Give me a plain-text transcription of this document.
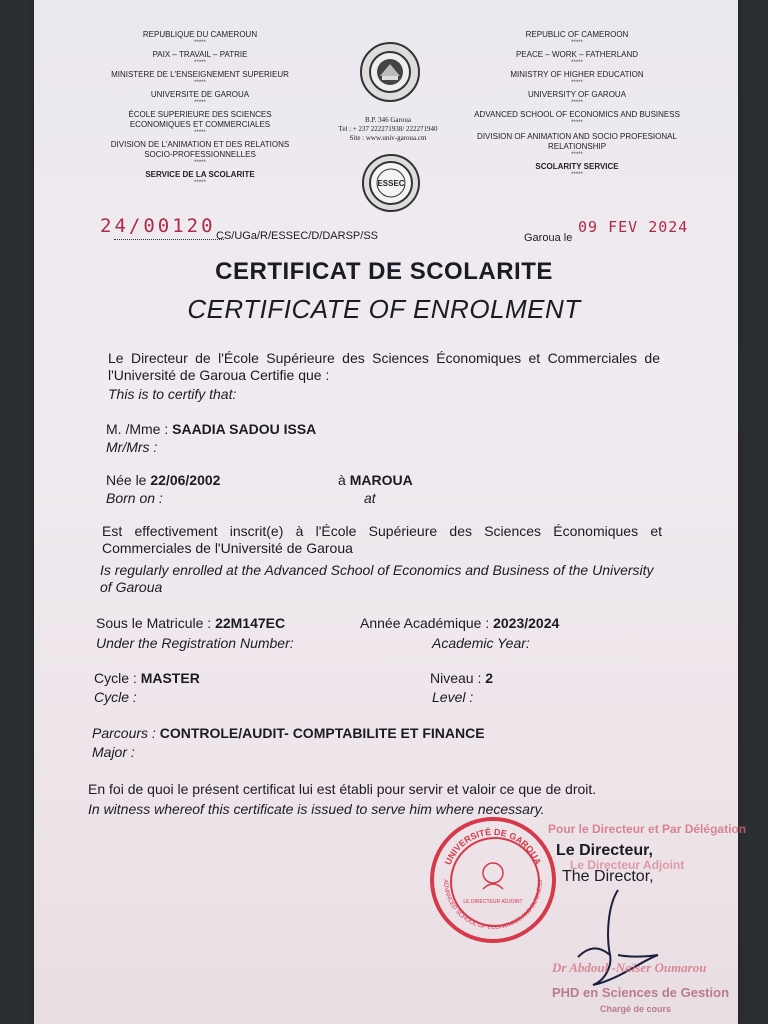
REPUBLIQUE DU CAMEROUN
*****
PAIX – TRAVAIL – PATRIE
*****
MINISTERE DE L'ENSEIGNEMENT SUPERIEUR
*****
UNIVERSITE DE GAROUA
*****
ÉCOLE SUPERIEURE DES SCIENCES ECONOMIQUES ET COMMERCIALES
*****
DIVISION DE L'ANIMATION ET DES RELATIONS SOCIO-PROFESSIONNELLES
*****
SERVICE DE LA SCOLARITE
*****
REPUBLIC OF CAMEROON
*****
PEACE – WORK – FATHERLAND
*****
MINISTRY OF HIGHER EDUCATION
*****
UNIVERSITY OF GAROUA
*****
ADVANCED SCHOOL OF ECONOMICS AND BUSINESS
*****
DIVISION OF ANIMATION AND SOCIO PROFESIONAL RELATIONSHIP
*****
SCOLARITY SERVICE
*****
B.P. 346 Garoua
Tel : + 237 222271938/ 222271940
Site : www.univ-garoua.cm
ESSEC
24/00120 CS/UGa/R/ESSEC/D/DARSP/SS	Garoua le
09 FEV 2024
CERTIFICAT DE SCOLARITE
CERTIFICATE OF ENROLMENT
Le Directeur de l'École Supérieure des Sciences Économiques et Commerciales de l'Université de Garoua Certifie que :
This is to certify that:
M. /Mme : SAADIA SADOU ISSA
Mr/Mrs :
Née le 22/06/2002
Born on :
à MAROUA
at
Est effectivement inscrit(e) à l'École Supérieure des Sciences Économiques et Commerciales de l'Université de Garoua
Is regularly enrolled at the Advanced School of Economics and Business of the University of Garoua
Sous le Matricule : 22M147EC
Under the Registration Number:
Année Académique : 2023/2024
Academic Year:
Cycle : MASTER
Cycle :
Niveau : 2
Level :
Parcours : CONTROLE/AUDIT- COMPTABILITE ET FINANCE
Major :
En foi de quoi le présent certificat lui est établi pour servir et valoir ce que de droit.
In witness whereof this certificate is issued to serve him where necessary.
Pour le Directeur et Par Délégation
Le Directeur Adjoint
UNIVERSITÉ DE GAROUA
ADVANCED SCHOOL OF ECONOMICS AND BUSINESS
LE DIRECTEUR ADJOINT
Le Directeur,
The Director,
Dr Abdoul -Naïser Oumarou
PHD en Sciences de Gestion
Chargé de cours
